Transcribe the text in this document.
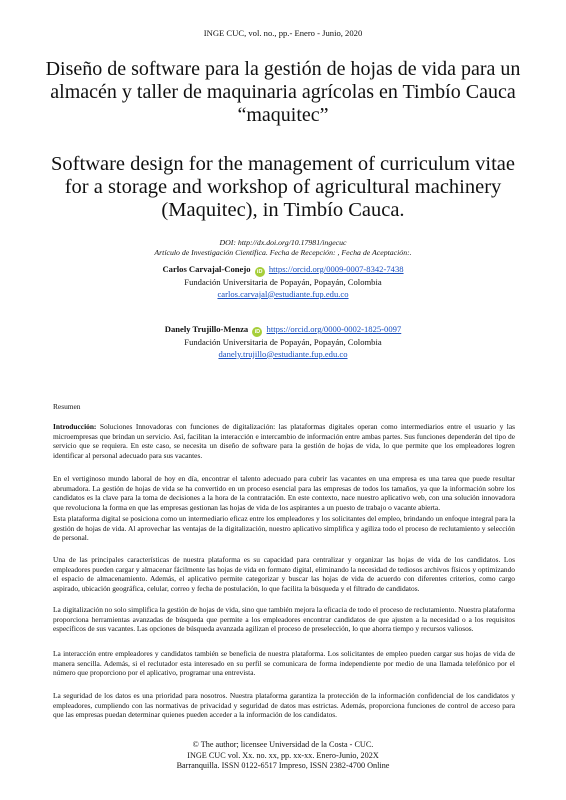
INGE CUC, vol. no., pp.- Enero - Junio, 2020
Diseño de software para la gestión de hojas de vida para un almacén y taller de maquinaria agrícolas en Timbío Cauca “maquitec”
Software design for the management of curriculum vitae for a storage and workshop of agricultural machinery (Maquitec), in Timbío Cauca.
DOI: http://dx.doi.org/10.17981/ingecuc
Artículo de Investigación Científica. Fecha de Recepción: , Fecha de Aceptación:.
Carlos Carvajal-Conejo iD https://orcid.org/0009-0007-8342-7438
Fundación Universitaria de Popayán, Popayán, Colombia
carlos.carvajal@estudiante.fup.edu.co
Danely Trujillo-Menza iD https://orcid.org/0000-0002-1825-0097
Fundación Universitaria de Popayán, Popayán, Colombia
danely.trujillo@estudiante.fup.edu.co
Resumen

Introducción: Soluciones Innovadoras con funciones de digitalización: las plataformas digitales operan como intermediarios entre el usuario y las microempresas que brindan un servicio. Así, facilitan la interacción e intercambio de información entre ambas partes. Sus funciones dependerán del tipo de servicio que se requiera. En este caso, se necesita un diseño de software para la gestión de hojas de vida, lo que permite que los empleadores logren identificar al personal adecuado para sus vacantes.

En el vertiginoso mundo laboral de hoy en día, encontrar el talento adecuado para cubrir las vacantes en una empresa es una tarea que puede resultar abrumadora. La gestión de hojas de vida se ha convertido en un proceso esencial para las empresas de todos los tamaños, ya que la información sobre los candidatos es la clave para la toma de decisiones a la hora de la contratación. En este contexto, nace nuestro aplicativo web, con una solución innovadora que revoluciona la forma en que las empresas gestionan las hojas de vida de los aspirantes a un puesto de trabajo o vacante abierta.

Esta plataforma digital se posiciona como un intermediario eficaz entre los empleadores y los solicitantes del empleo, brindando un enfoque integral para la gestión de hojas de vida. Al aprovechar las ventajas de la digitalización, nuestro aplicativo simplifica y agiliza todo el proceso de reclutamiento y selección de personal.

Una de las principales características de nuestra plataforma es su capacidad para centralizar y organizar las hojas de vida de los candidatos. Los empleadores pueden cargar y almacenar fácilmente las hojas de vida en formato digital, eliminando la necesidad de tediosos archivos físicos y optimizando el espacio de almacenamiento. Además, el aplicativo permite categorizar y buscar las hojas de vida de acuerdo con diferentes criterios, como cargo aspirado, ubicación geográfica, celular, correo y fecha de postulación, lo que facilita la búsqueda y el filtrado de candidatos.

La digitalización no solo simplifica la gestión de hojas de vida, sino que también mejora la eficacia de todo el proceso de reclutamiento. Nuestra plataforma proporciona herramientas avanzadas de búsqueda que permite a los empleadores encontrar candidatos de que ajusten a la necesidad o a los requisitos específicos de sus vacantes. Las opciones de búsqueda avanzada agilizan el proceso de preselección, lo que ahorra tiempo y recursos valiosos.

La interacción entre empleadores y candidatos también se beneficia de nuestra plataforma. Los solicitantes de empleo pueden cargar sus hojas de vida de manera sencilla. Además, si el reclutador esta interesado en su perfil se comunicara de forma independiente por medio de una llamada telefónico por el número que proporciono por el aplicativo, programar una entrevista.

La seguridad de los datos es una prioridad para nosotros. Nuestra plataforma garantiza la protección de la información confidencial de los candidatos y empleadores, cumpliendo con las normativas de privacidad y seguridad de datos mas estrictas. Además, proporciona funciones de control de acceso para que las empresas puedan determinar quienes pueden acceder a la información de los candidatos.

© The author; licensee Universidad de la Costa - CUC.
INGE CUC vol. Xx. no. xx, pp. xx-xx. Enero-Junio, 202X
Barranquilla. ISSN 0122-6517 Impreso, ISSN 2382-4700 Online
